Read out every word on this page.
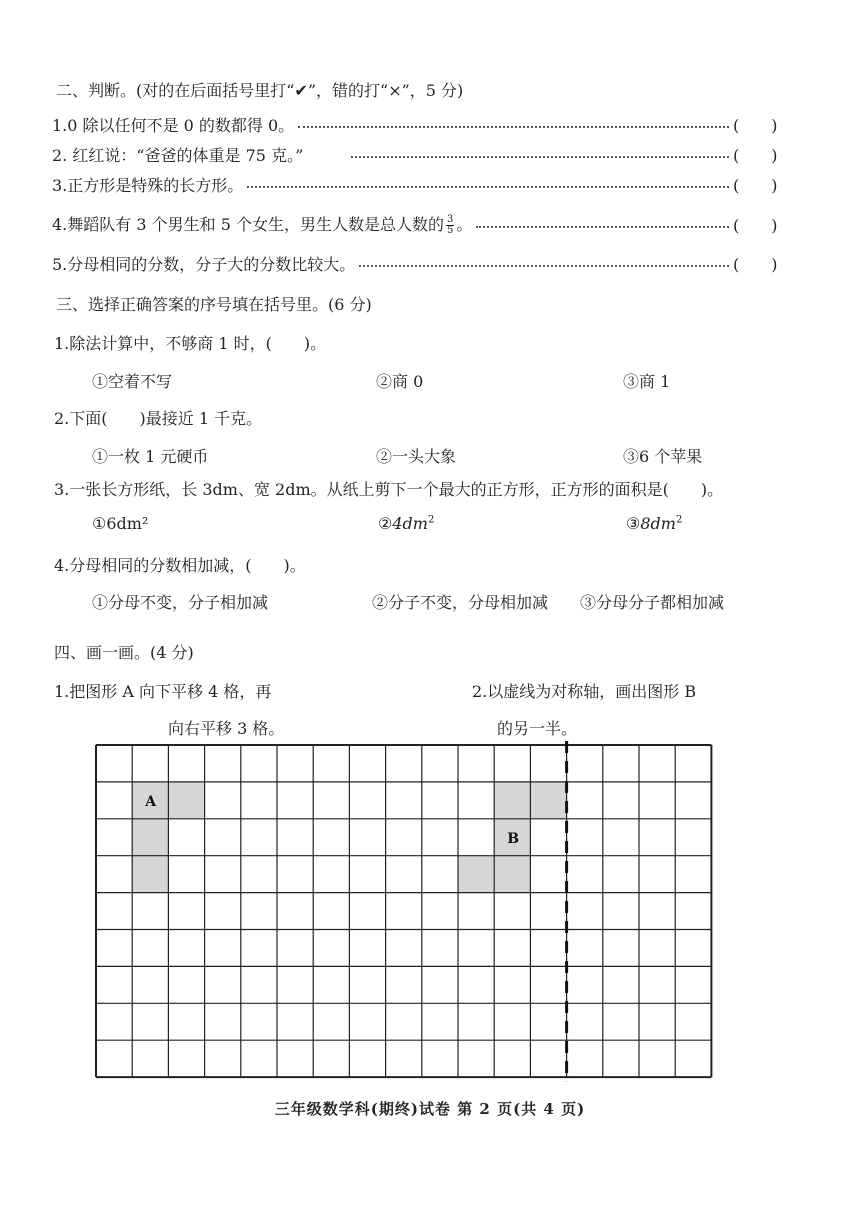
二、判断。(对的在后面括号里打“✔”，错的打“×”，5 分)
1.0 除以任何不是 0 的数都得 0。	(　　)
2. 红红说：“爸爸的体重是 75 克。”	(　　)
3.正方形是特殊的长方形。	(　　)
4.舞蹈队有 3 个男生和 5 个女生，男生人数是总人数的 $\frac{3}{5}$ 。	(　　)
5.分母相同的分数，分子大的分数比较大。	(　　)
三、选择正确答案的序号填在括号里。(6 分)
1.除法计算中，不够商 1 时，(　　)。
①空着不写	②商 0	③商 1
2.下面(　　)最接近 1 千克。
①一枚 1 元硬币	②一头大象	③6 个苹果
3.一张长方形纸，长 3dm、宽 2dm。从纸上剪下一个最大的正方形，正方形的面积是(　　)。
①6dm²	$②4dm^2$	$③8dm^2$
4.分母相同的分数相加减，(　　)。
①分母不变，分子相加减	②分子不变，分母相加减 ③分母分子都相加减
四、画一画。(4 分)
1.把图形 A 向下平移 4 格，再
向右平移 3 格。
2.以虚线为对称轴，画出图形 B
的另一半。
A
B
三年级数学科(期终)试卷 第 2 页(共 4 页)
